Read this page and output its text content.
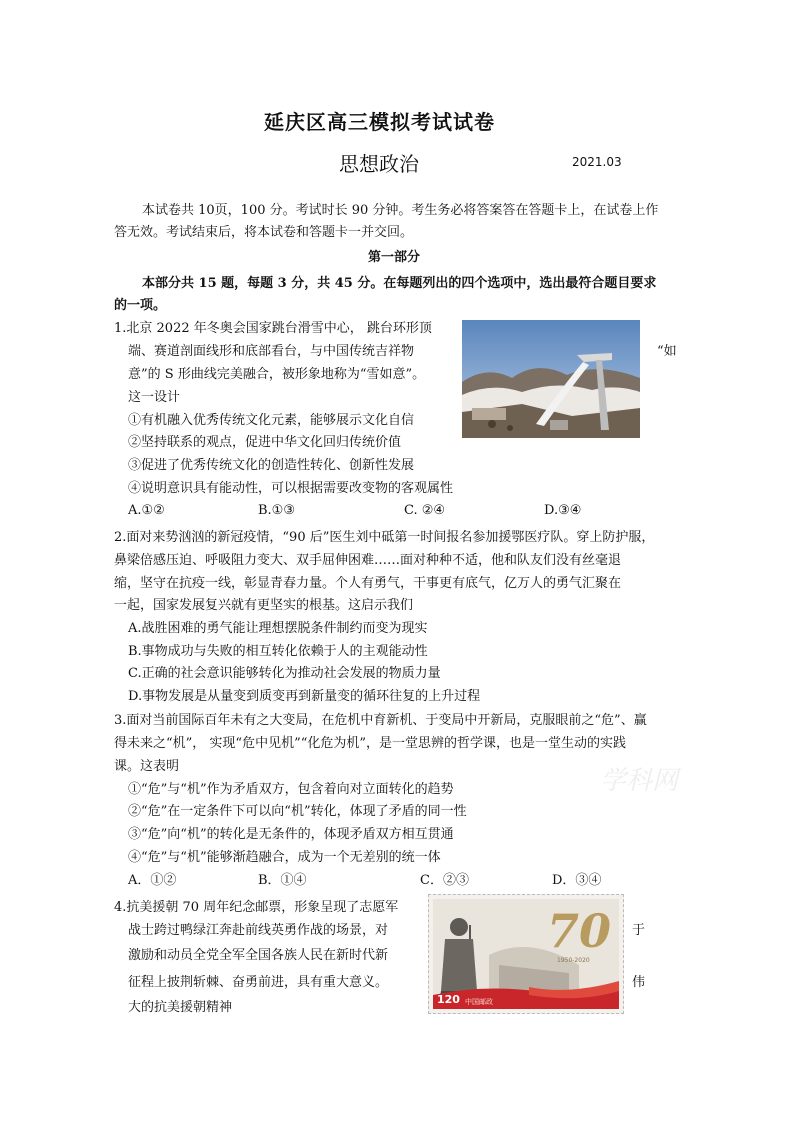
延庆区高三模拟考试试卷
思想政治	2021.03
本试卷共 10页，100 分。考试时长 90 分钟。考生务必将答案答在答题卡上，在试卷上作
答无效。考试结束后，将本试卷和答题卡一并交回。
第一部分
本部分共 15 题，每题 3 分，共 45 分。在每题列出的四个选项中，选出最符合题目要求
的一项。
1.北京 2022 年冬奥会国家跳台滑雪中心， 跳台环形顶
端、赛道剖面线形和底部看台，与中国传统吉祥物	“如
意”的 S 形曲线完美融合，被形象地称为“雪如意”。
这一设计
①有机融入优秀传统文化元素，能够展示文化自信
②坚持联系的观点，促进中华文化回归传统价值
③促进了优秀传统文化的创造性转化、创新性发展
④说明意识具有能动性，可以根据需要改变物的客观属性
A.①②	B.①③	C. ②④	D.③④
2.面对来势汹汹的新冠疫情，“90 后”医生刘中砥第一时间报名参加援鄂医疗队。穿上防护服，
鼻梁倍感压迫、呼吸阻力变大、双手屈伸困难……面对种种不适，他和队友们没有丝毫退
缩，坚守在抗疫一线，彰显青春力量。个人有勇气，干事更有底气，亿万人的勇气汇聚在
一起，国家发展复兴就有更坚实的根基。这启示我们
A.战胜困难的勇气能让理想摆脱条件制约而变为现实
B.事物成功与失败的相互转化依赖于人的主观能动性
C.正确的社会意识能够转化为推动社会发展的物质力量
D.事物发展是从量变到质变再到新量变的循环往复的上升过程
3.面对当前国际百年未有之大变局，在危机中育新机、于变局中开新局，克服眼前之“危”、赢
得未来之“机”， 实现“危中见机”“化危为机”，是一堂思辨的哲学课，也是一堂生动的实践
课。这表明
①“危”与“机”作为矛盾双方，包含着向对立面转化的趋势
②“危”在一定条件下可以向“机”转化，体现了矛盾的同一性
③“危”向“机”的转化是无条件的，体现矛盾双方相互贯通
④“危”与“机”能够渐趋融合，成为一个无差别的统一体
A．①②	B．①④	C．②③	D．③④
学科网
4.抗美援朝 70 周年纪念邮票，形象呈现了志愿军
战士跨过鸭绿江奔赴前线英勇作战的场景，对	于
激励和动员全党全军全国各族人民在新时代新
征程上披荆斩棘、奋勇前进，具有重大意义。	伟
大的抗美援朝精神
70
1950-2020
120 中国邮政
